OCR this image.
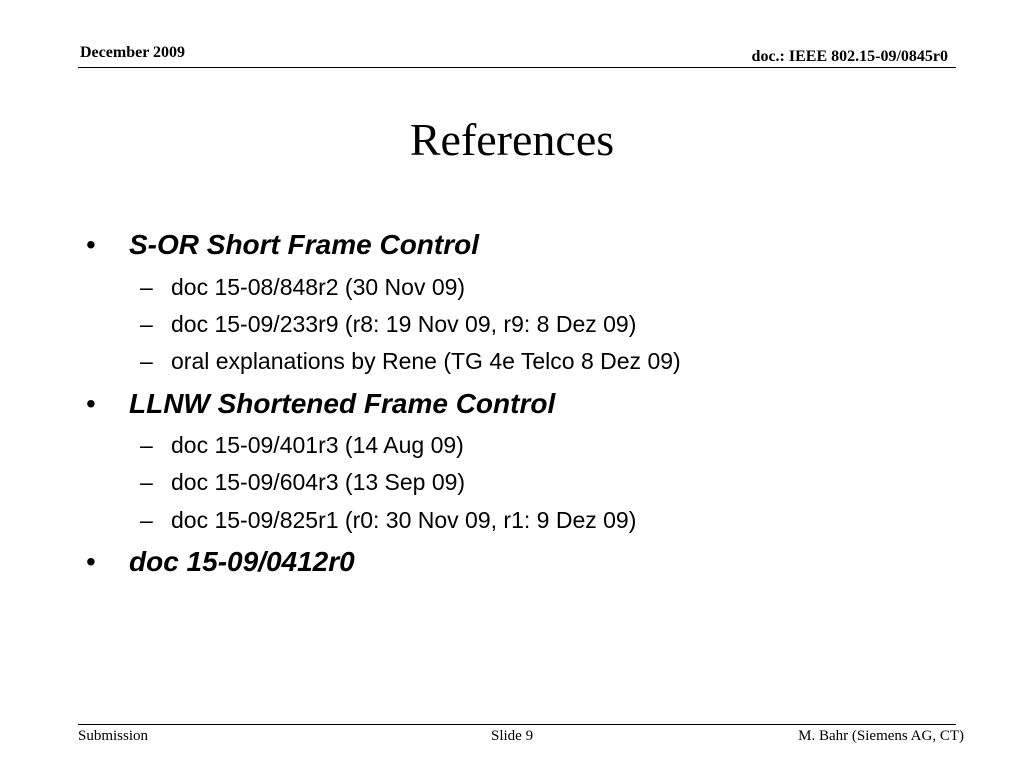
December 2009	doc.: IEEE 802.15-09/0845r0
References
• S-OR Short Frame Control
– doc 15-08/848r2 (30 Nov 09)
– doc 15-09/233r9 (r8: 19 Nov 09, r9: 8 Dez 09)
– oral explanations by Rene (TG 4e Telco 8 Dez 09)
• LLNW Shortened Frame Control
– doc 15-09/401r3 (14 Aug 09)
– doc 15-09/604r3 (13 Sep 09)
– doc 15-09/825r1 (r0: 30 Nov 09, r1: 9 Dez 09)
• doc 15-09/0412r0
Submission	Slide 9	M. Bahr (Siemens AG, CT)
